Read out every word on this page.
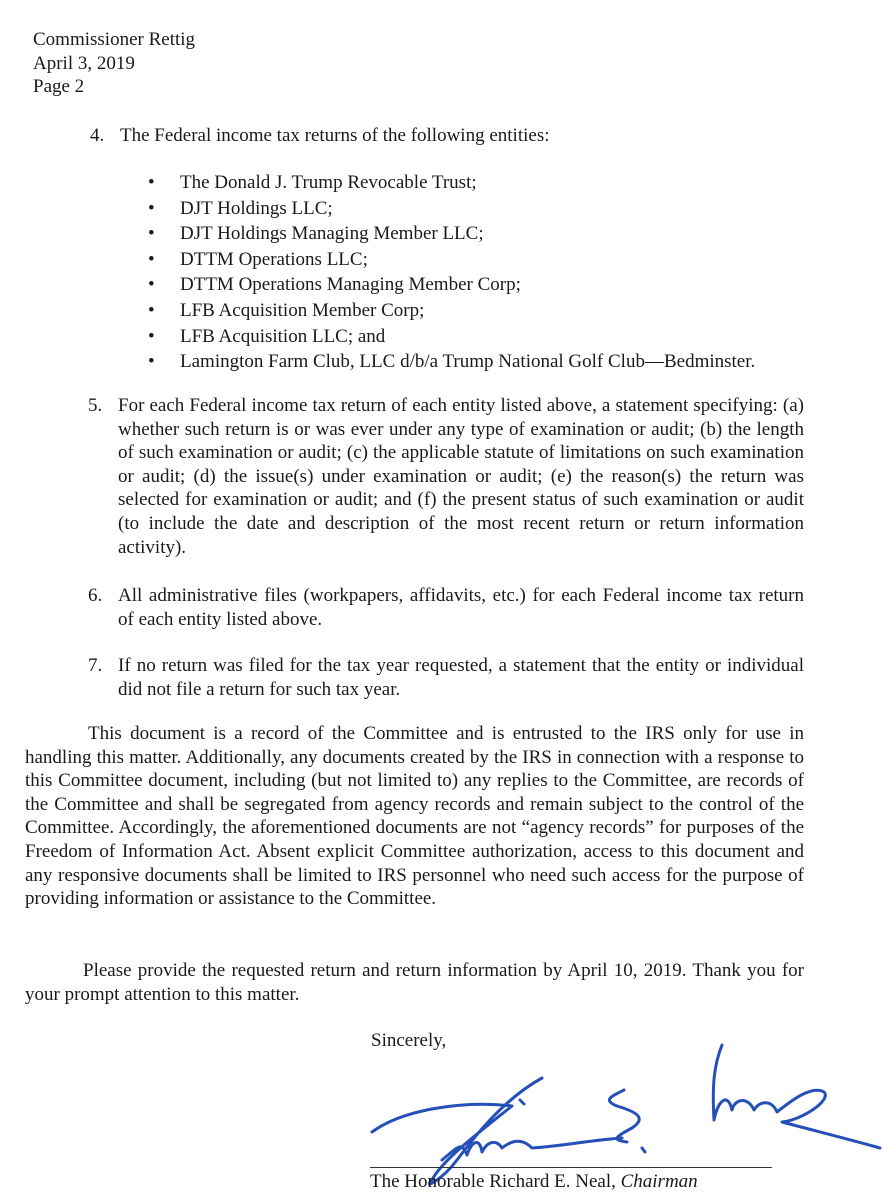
Commissioner Rettig
April 3, 2019
Page 2
4. The Federal income tax returns of the following entities:
• The Donald J. Trump Revocable Trust;
• DJT Holdings LLC;
• DJT Holdings Managing Member LLC;
• DTTM Operations LLC;
• DTTM Operations Managing Member Corp;
• LFB Acquisition Member Corp;
• LFB Acquisition LLC; and
• Lamington Farm Club, LLC d/b/a Trump National Golf Club—Bedminster.
5. For each Federal income tax return of each entity listed above, a statement specifying: (a) whether such return is or was ever under any type of examination or audit; (b) the length of such examination or audit; (c) the applicable statute of limitations on such examination or audit; (d) the issue(s) under examination or audit; (e) the reason(s) the return was selected for examination or audit; and (f) the present status of such examination or audit (to include the date and description of the most recent return or return information activity).
6. All administrative files (workpapers, affidavits, etc.) for each Federal income tax return of each entity listed above.
7. If no return was filed for the tax year requested, a statement that the entity or individual did not file a return for such tax year.
This document is a record of the Committee and is entrusted to the IRS only for use in handling this matter. Additionally, any documents created by the IRS in connection with a response to this Committee document, including (but not limited to) any replies to the Committee, are records of the Committee and shall be segregated from agency records and remain subject to the control of the Committee. Accordingly, the aforementioned documents are not “agency records” for purposes of the Freedom of Information Act. Absent explicit Committee authorization, access to this document and any responsive documents shall be limited to IRS personnel who need such access for the purpose of providing information or assistance to the Committee.
Please provide the requested return and return information by April 10, 2019. Thank you for your prompt attention to this matter.
Sincerely,
The Honorable Richard E. Neal, Chairman
